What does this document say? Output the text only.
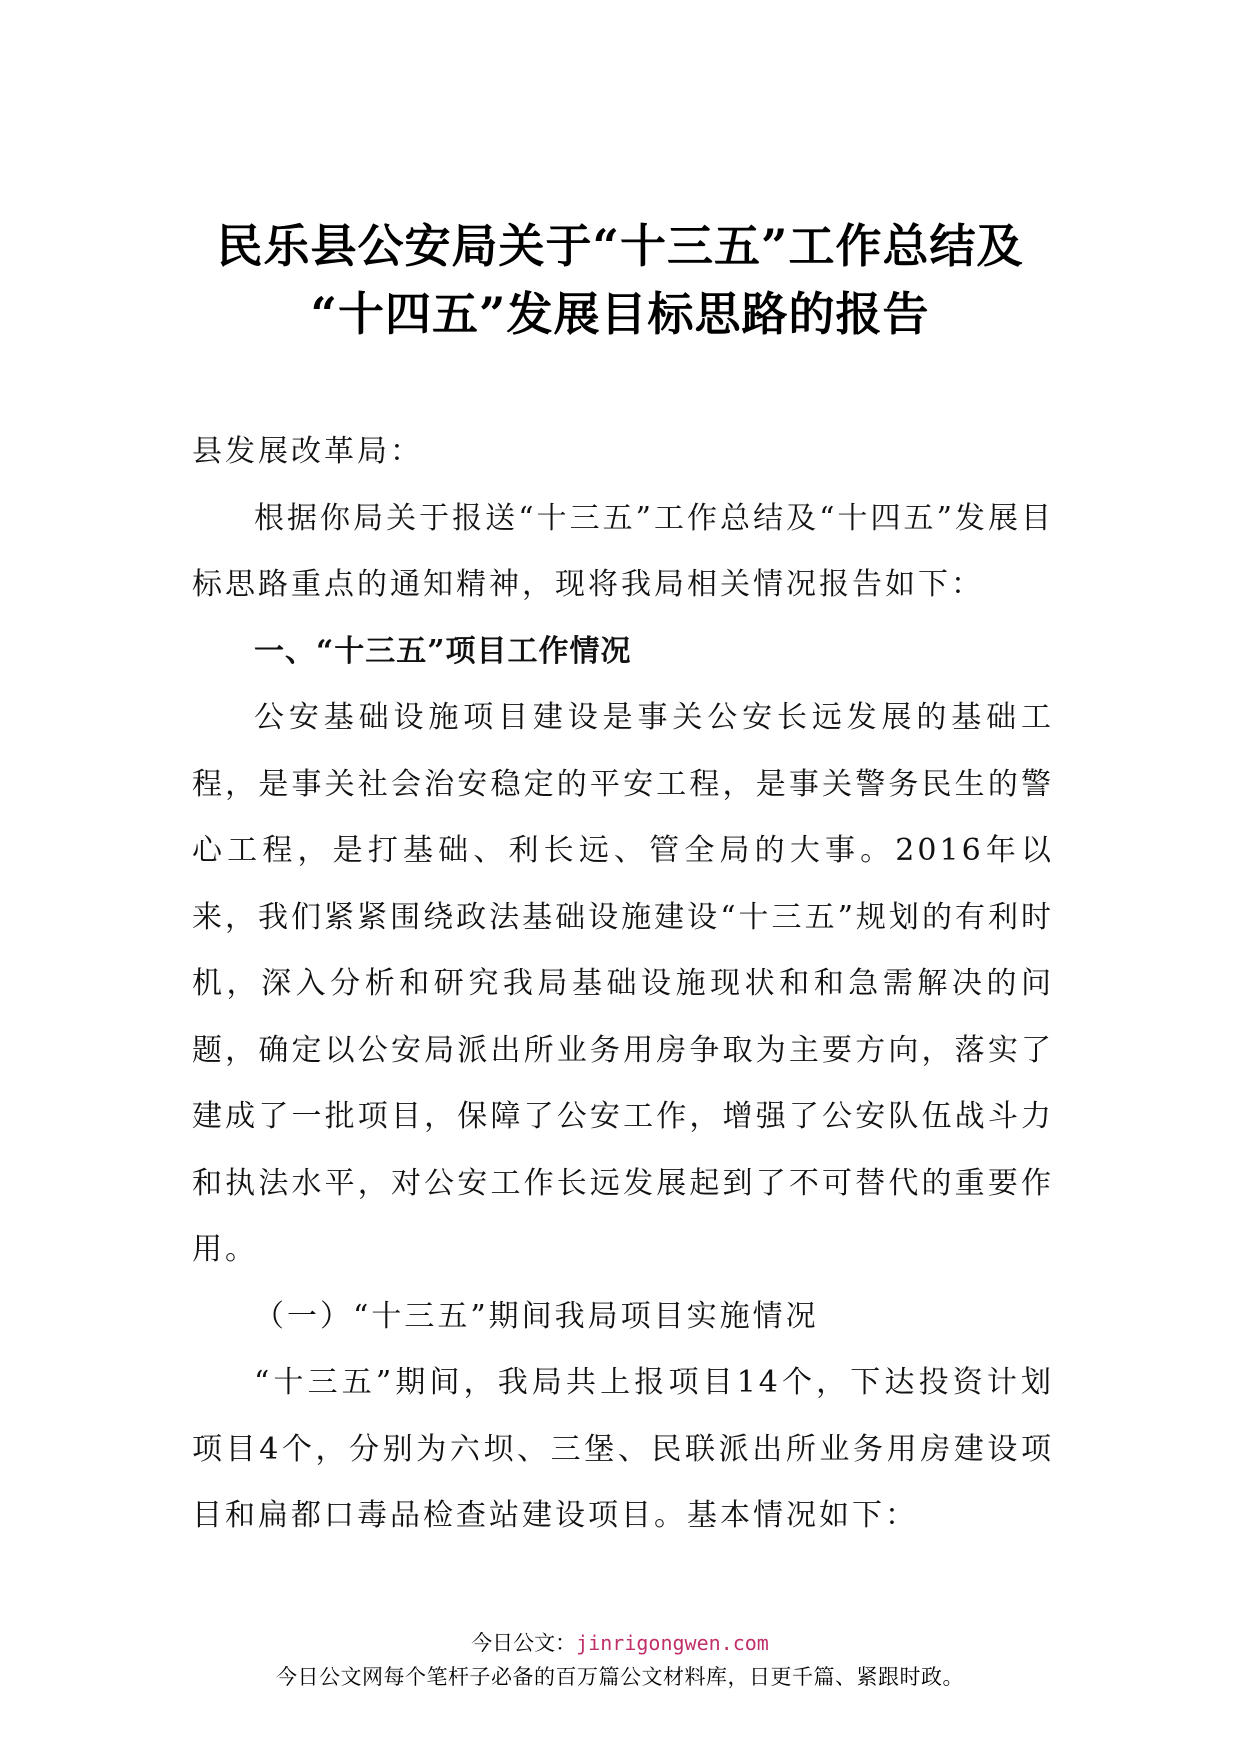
民乐县公安局关于“十三五”工作总结及
“十四五”发展目标思路的报告

县发展改革局：

根据你局关于报送“十三五”工作总结及“十四五”发展目标思路重点的通知精神，现将我局相关情况报告如下：

一、“十三五”项目工作情况

公安基础设施项目建设是事关公安长远发展的基础工程，是事关社会治安稳定的平安工程，是事关警务民生的警心工程，是打基础、利长远、管全局的大事。2016年以来，我们紧紧围绕政法基础设施建设“十三五”规划的有利时机，深入分析和研究我局基础设施现状和和急需解决的问题，确定以公安局派出所业务用房争取为主要方向，落实了建成了一批项目，保障了公安工作，增强了公安队伍战斗力和执法水平，对公安工作长远发展起到了不可替代的重要作用。

（一）“十三五”期间我局项目实施情况

“十三五”期间，我局共上报项目14个，下达投资计划项目4个，分别为六坝、三堡、民联派出所业务用房建设项目和扁都口毒品检查站建设项目。基本情况如下：

今日公文：jinrigongwen.com
今日公文网每个笔杆子必备的百万篇公文材料库，日更千篇、紧跟时政。
